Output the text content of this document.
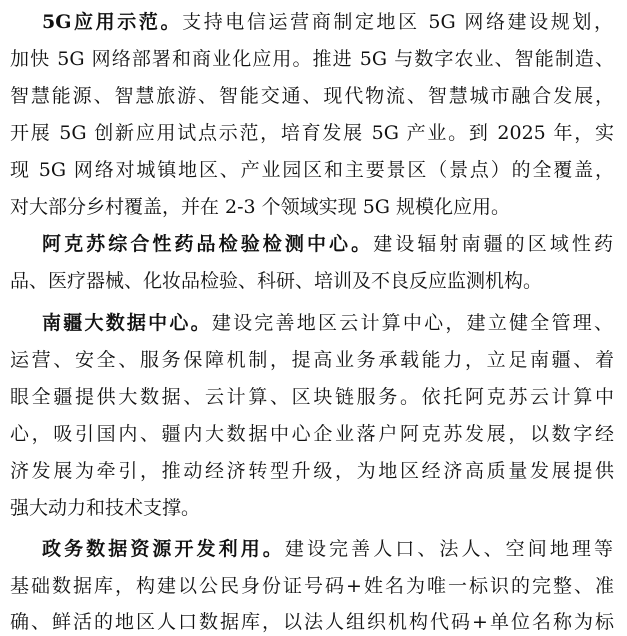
5G应用示范。支持电信运营商制定地区 5G 网络建设规划，
加快 5G 网络部署和商业化应用。推进 5G 与数字农业、智能制造、
智慧能源、智慧旅游、智能交通、现代物流、智慧城市融合发展，
开展 5G 创新应用试点示范，培育发展 5G 产业。到 2025 年，实
现 5G 网络对城镇地区、产业园区和主要景区（景点）的全覆盖，
对大部分乡村覆盖，并在 2-3 个领域实现 5G 规模化应用。
阿克苏综合性药品检验检测中心。建设辐射南疆的区域性药
品、医疗器械、化妆品检验、科研、培训及不良反应监测机构。
南疆大数据中心。建设完善地区云计算中心，建立健全管理、
运营、安全、服务保障机制，提高业务承载能力，立足南疆、着
眼全疆提供大数据、云计算、区块链服务。依托阿克苏云计算中
心，吸引国内、疆内大数据中心企业落户阿克苏发展，以数字经
济发展为牵引，推动经济转型升级，为地区经济高质量发展提供
强大动力和技术支撑。
政务数据资源开发利用。建设完善人口、法人、空间地理等
基础数据库，构建以公民身份证号码+姓名为唯一标识的完整、准
确、鲜活的地区人口数据库，以法人组织机构代码+单位名称为标
